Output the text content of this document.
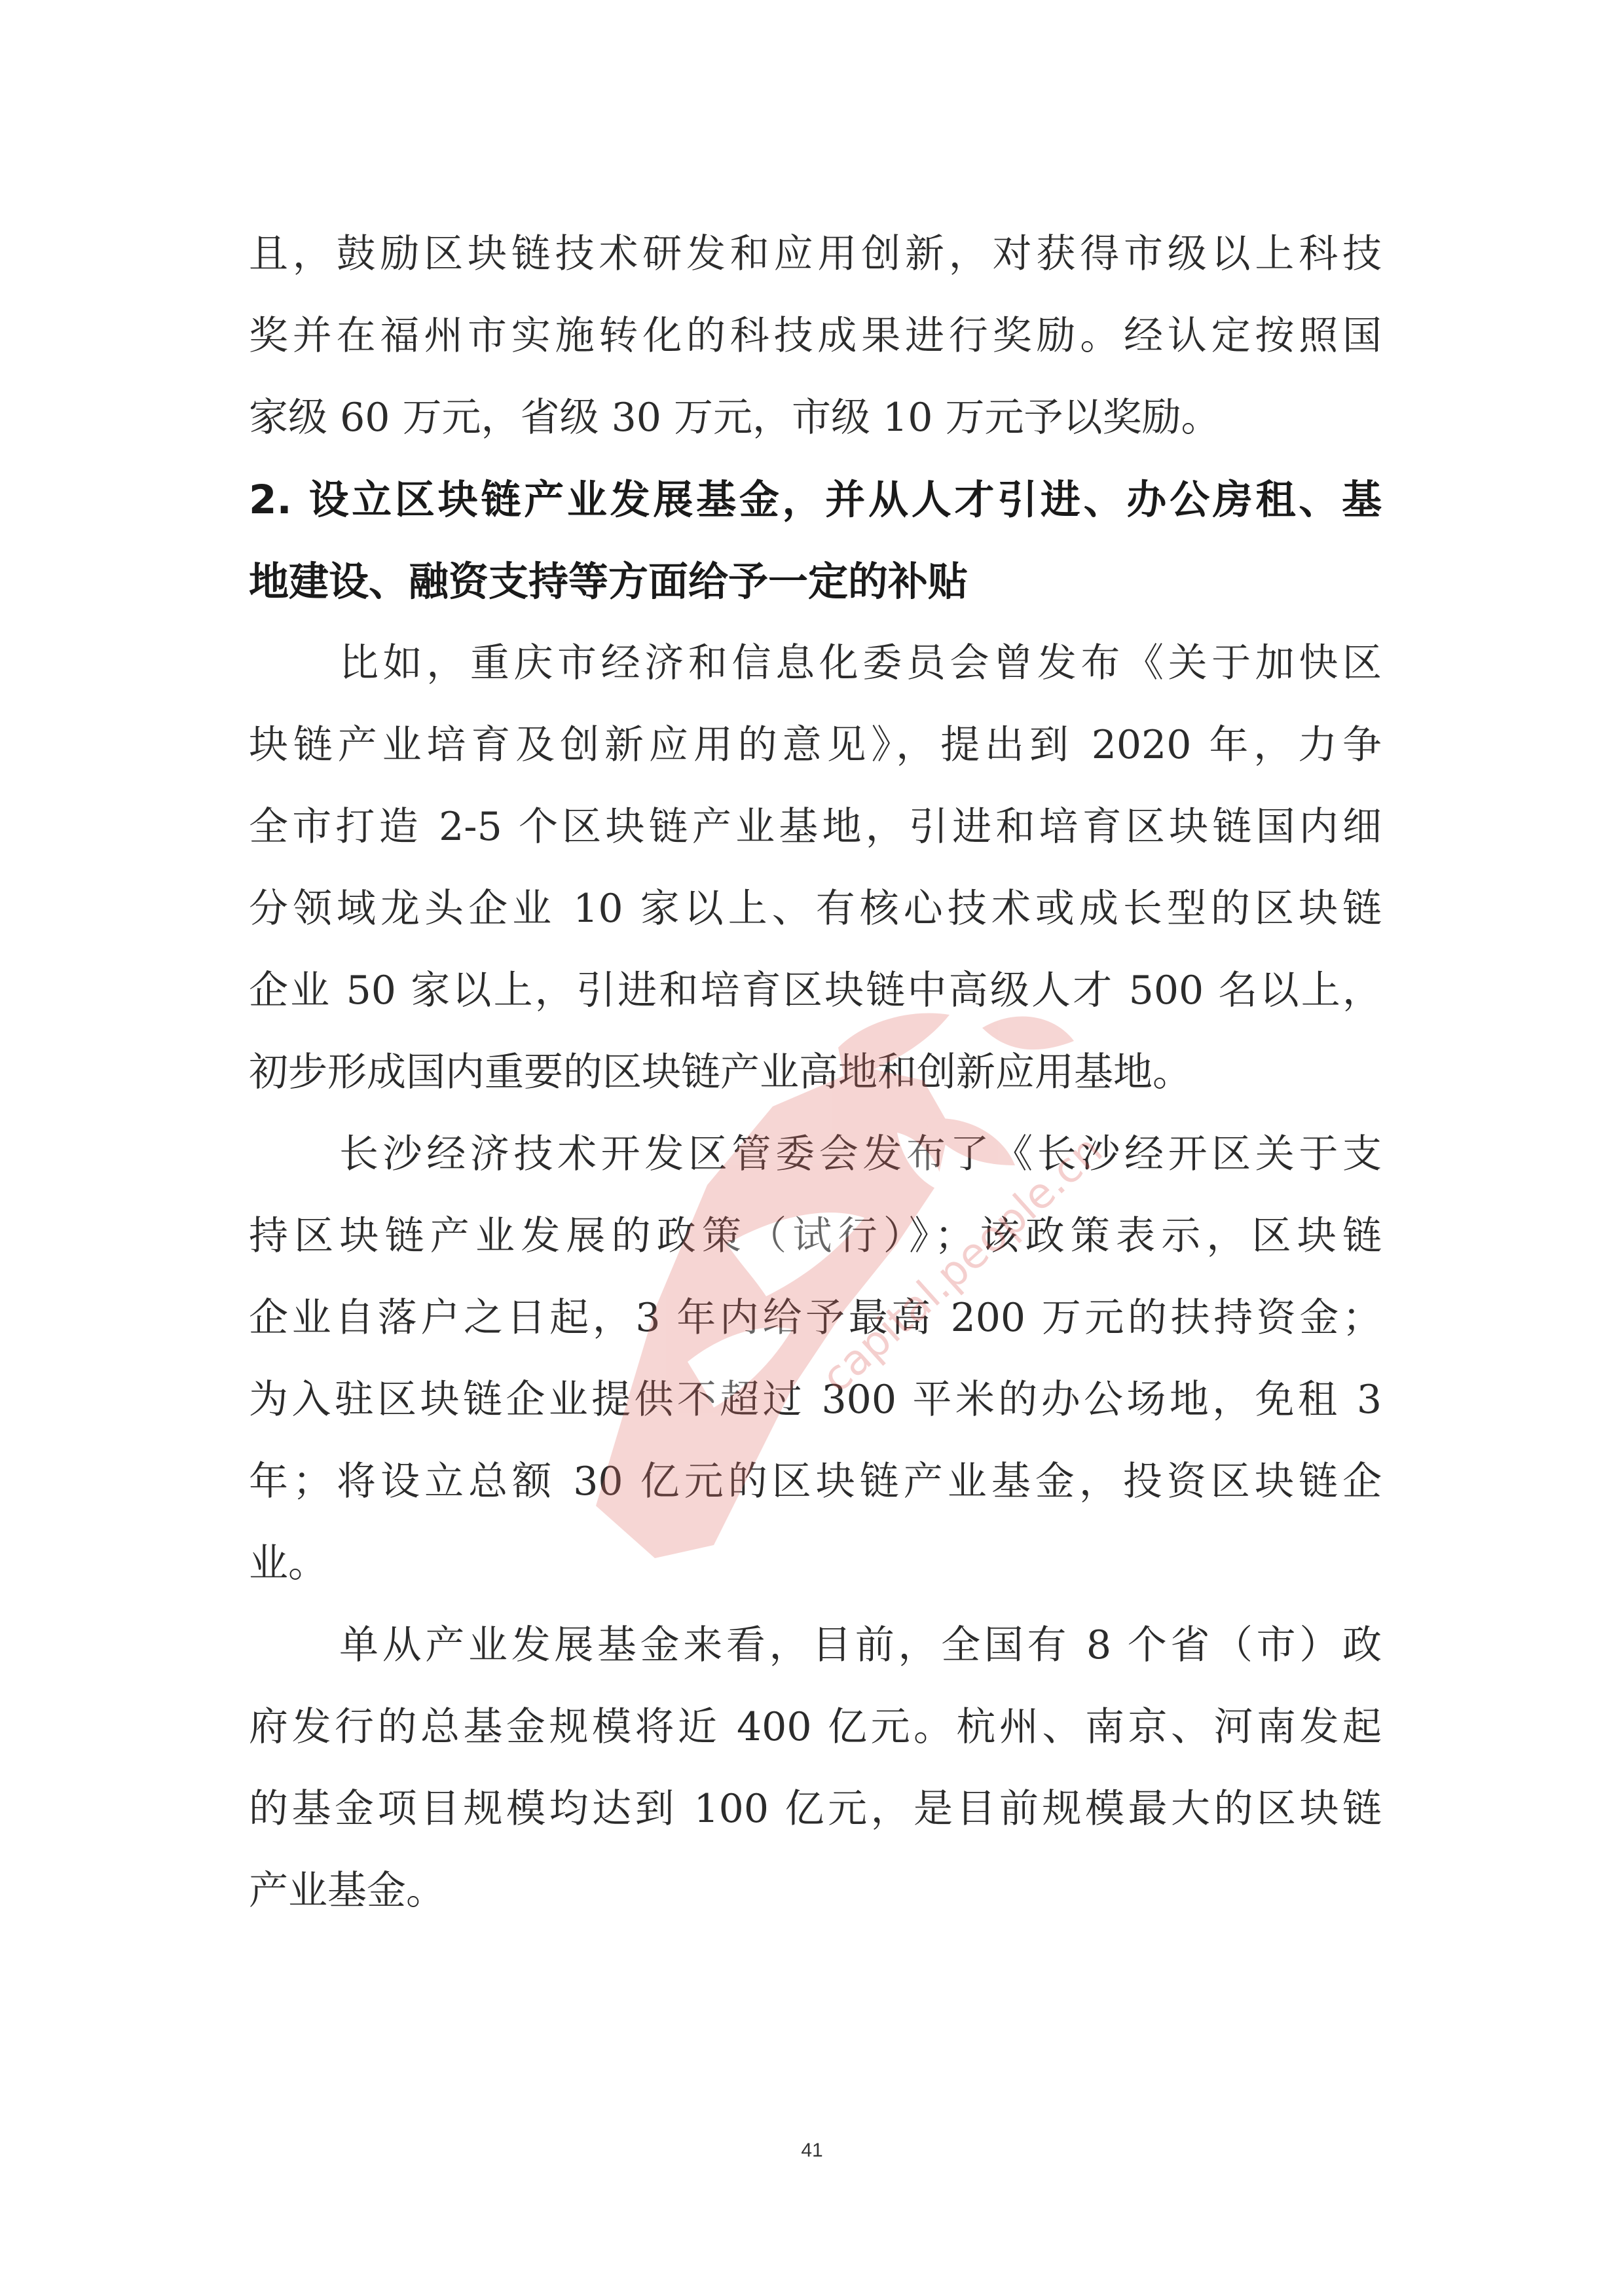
且，鼓励区块链技术研发和应用创新，对获得市级以上科技
奖并在福州市实施转化的科技成果进行奖励。经认定按照国
家级 60 万元，省级 30 万元，市级 10 万元予以奖励。
2. 设立区块链产业发展基金，并从人才引进、办公房租、基
地建设、融资支持等方面给予一定的补贴
比如，重庆市经济和信息化委员会曾发布《关于加快区
块链产业培育及创新应用的意见》，提出到 2020 年，力争
全市打造 2-5 个区块链产业基地，引进和培育区块链国内细
分领域龙头企业 10 家以上、有核心技术或成长型的区块链
企业 50 家以上，引进和培育区块链中高级人才 500 名以上，
初步形成国内重要的区块链产业高地和创新应用基地。
长沙经济技术开发区管委会发布了《长沙经开区关于支
持区块链产业发展的政策（试行）》；该政策表示，区块链
企业自落户之日起，3 年内给予最高 200 万元的扶持资金；
为入驻区块链企业提供不超过 300 平米的办公场地，免租 3
年；将设立总额 30 亿元的区块链产业基金，投资区块链企
业。
单从产业发展基金来看，目前，全国有 8 个省（市）政
府发行的总基金规模将近 400 亿元。杭州、南京、河南发起
的基金项目规模均达到 100 亿元，是目前规模最大的区块链
产业基金。
capital.people.cn
41
